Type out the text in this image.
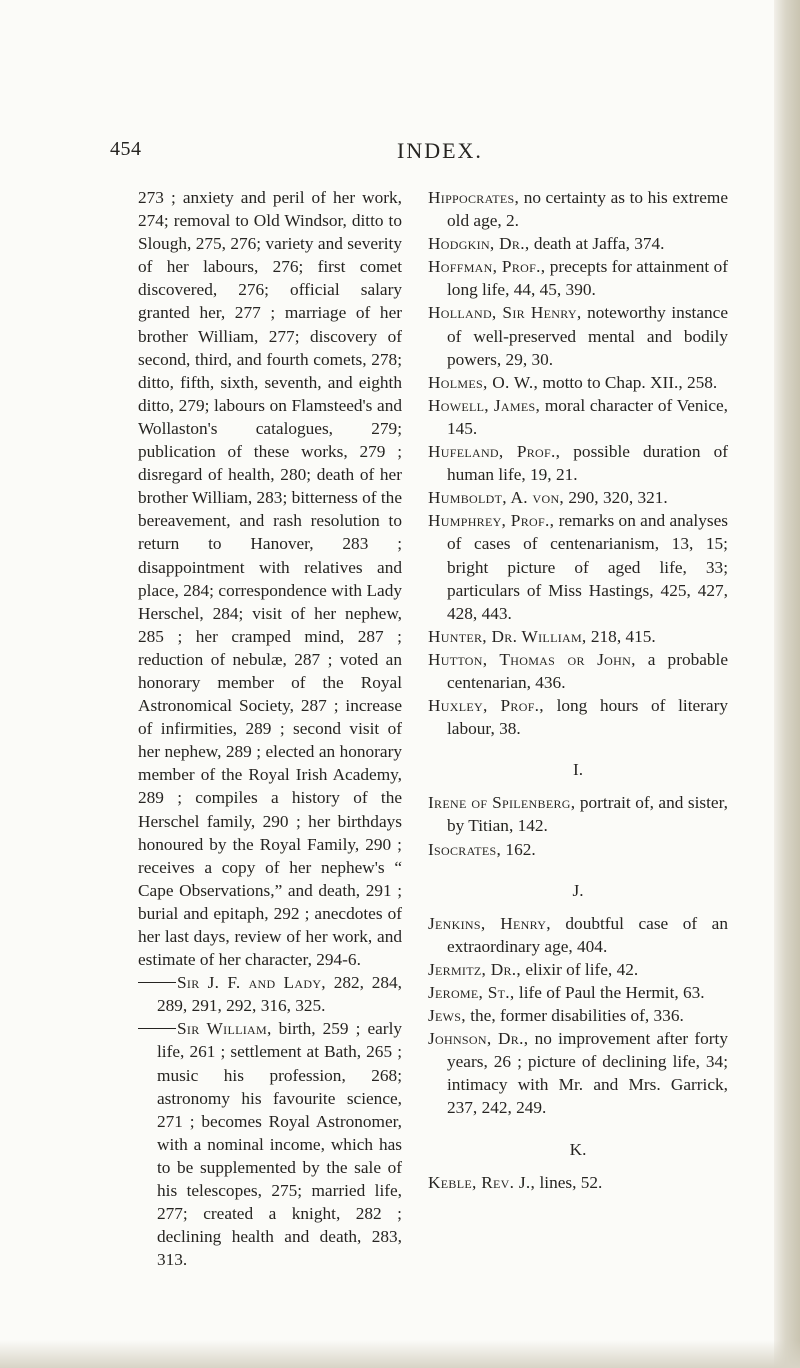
454	INDEX.

273 ; anxiety and peril of her work, 274; removal to Old Windsor, ditto to Slough, 275, 276; variety and severity of her labours, 276; first comet discovered, 276; official salary granted her, 277 ; marriage of her brother William, 277; discovery of second, third, and fourth comets, 278; ditto, fifth, sixth, seventh, and eighth ditto, 279; labours on Flamsteed's and Wollaston's catalogues, 279; publication of these works, 279 ; disregard of health, 280; death of her brother William, 283; bitterness of the bereavement, and rash resolution to return to Hanover, 283 ; disappointment with relatives and place, 284; correspondence with Lady Herschel, 284; visit of her nephew, 285 ; her cramped mind, 287 ; reduction of nebulæ, 287 ; voted an honorary member of the Royal Astronomical Society, 287 ; increase of infirmities, 289 ; second visit of her nephew, 289 ; elected an honorary member of the Royal Irish Academy, 289 ; compiles a history of the Herschel family, 290 ; her birthdays honoured by the Royal Family, 290 ; receives a copy of her nephew's “ Cape Observations,” and death, 291 ; burial and epitaph, 292 ; anecdotes of her last days, review of her work, and estimate of her character, 294-6.

Sir J. F. and Lady, 282, 284, 289, 291, 292, 316, 325.

Sir William, birth, 259 ; early life, 261 ; settlement at Bath, 265 ; music his profession, 268; astronomy his favourite science, 271 ; becomes Royal Astronomer, with a nominal income, which has to be supplemented by the sale of his telescopes, 275; married life, 277; created a knight, 282 ; declining health and death, 283, 313.

Hippocrates, no certainty as to his extreme old age, 2.

Hodgkin, Dr., death at Jaffa, 374.

Hoffman, Prof., precepts for attainment of long life, 44, 45, 390.

Holland, Sir Henry, noteworthy instance of well-preserved mental and bodily powers, 29, 30.

Holmes, O. W., motto to Chap. XII., 258.

Howell, James, moral character of Venice, 145.

Hufeland, Prof., possible duration of human life, 19, 21.

Humboldt, A. von, 290, 320, 321.

Humphrey, Prof., remarks on and analyses of cases of centenarianism, 13, 15; bright picture of aged life, 33; particulars of Miss Hastings, 425, 427, 428, 443.

Hunter, Dr. William, 218, 415.

Hutton, Thomas or John, a probable centenarian, 436.

Huxley, Prof., long hours of literary labour, 38.

I.

Irene of Spilenberg, portrait of, and sister, by Titian, 142.

Isocrates, 162.

J.

Jenkins, Henry, doubtful case of an extraordinary age, 404.

Jermitz, Dr., elixir of life, 42.

Jerome, St., life of Paul the Hermit, 63.

Jews, the, former disabilities of, 336.

Johnson, Dr., no improvement after forty years, 26 ; picture of declining life, 34; intimacy with Mr. and Mrs. Garrick, 237, 242, 249.

K.

Keble, Rev. J., lines, 52.
